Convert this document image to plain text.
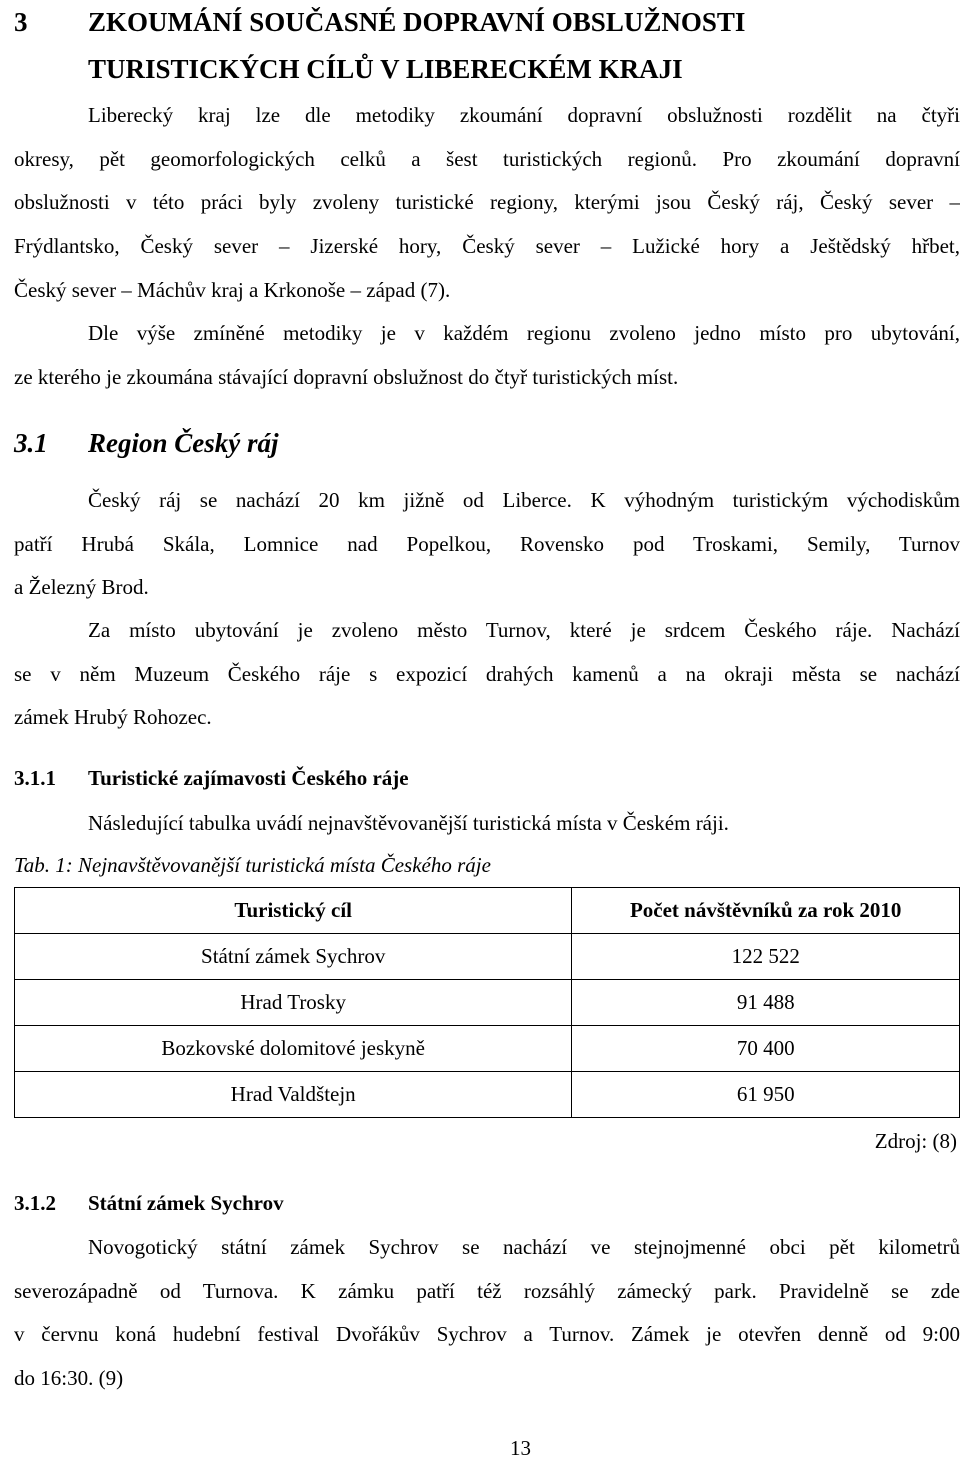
3 ZKOUMÁNÍ SOUČASNÉ DOPRAVNÍ OBSLUŽNOSTI
TURISTICKÝCH CÍLŮ V LIBERECKÉM KRAJI
Liberecký kraj lze dle metodiky zkoumání dopravní obslužnosti rozdělit na čtyři
okresy, pět geomorfologických celků a šest turistických regionů. Pro zkoumání dopravní
obslužnosti v této práci byly zvoleny turistické regiony, kterými jsou Český ráj, Český sever –
Frýdlantsko, Český sever – Jizerské hory, Český sever – Lužické hory a Ještědský hřbet,
Český sever – Máchův kraj a Krkonoše – západ (7).
Dle výše zmíněné metodiky je v každém regionu zvoleno jedno místo pro ubytování,
ze kterého je zkoumána stávající dopravní obslužnost do čtyř turistických míst.
3.1 Region Český ráj
Český ráj se nachází 20 km jižně od Liberce. K výhodným turistickým východiskům
patří Hrubá Skála, Lomnice nad Popelkou, Rovensko pod Troskami, Semily, Turnov
a Železný Brod.
Za místo ubytování je zvoleno město Turnov, které je srdcem Českého ráje. Nachází
se v něm Muzeum Českého ráje s expozicí drahých kamenů a na okraji města se nachází
zámek Hrubý Rohozec.
3.1.1 Turistické zajímavosti Českého ráje
Následující tabulka uvádí nejnavštěvovanější turistická místa v Českém ráji.
Tab. 1: Nejnavštěvovanější turistická místa Českého ráje
Turistický cíl	Počet návštěvníků za rok 2010
Státní zámek Sychrov	122 522
Hrad Trosky	91 488
Bozkovské dolomitové jeskyně	70 400
Hrad Valdštejn	61 950
Zdroj: (8)
3.1.2 Státní zámek Sychrov
Novogotický státní zámek Sychrov se nachází ve stejnojmenné obci pět kilometrů
severozápadně od Turnova. K zámku patří též rozsáhlý zámecký park. Pravidelně se zde
v červnu koná hudební festival Dvořákův Sychrov a Turnov. Zámek je otevřen denně od 9:00
do 16:30. (9)
13
